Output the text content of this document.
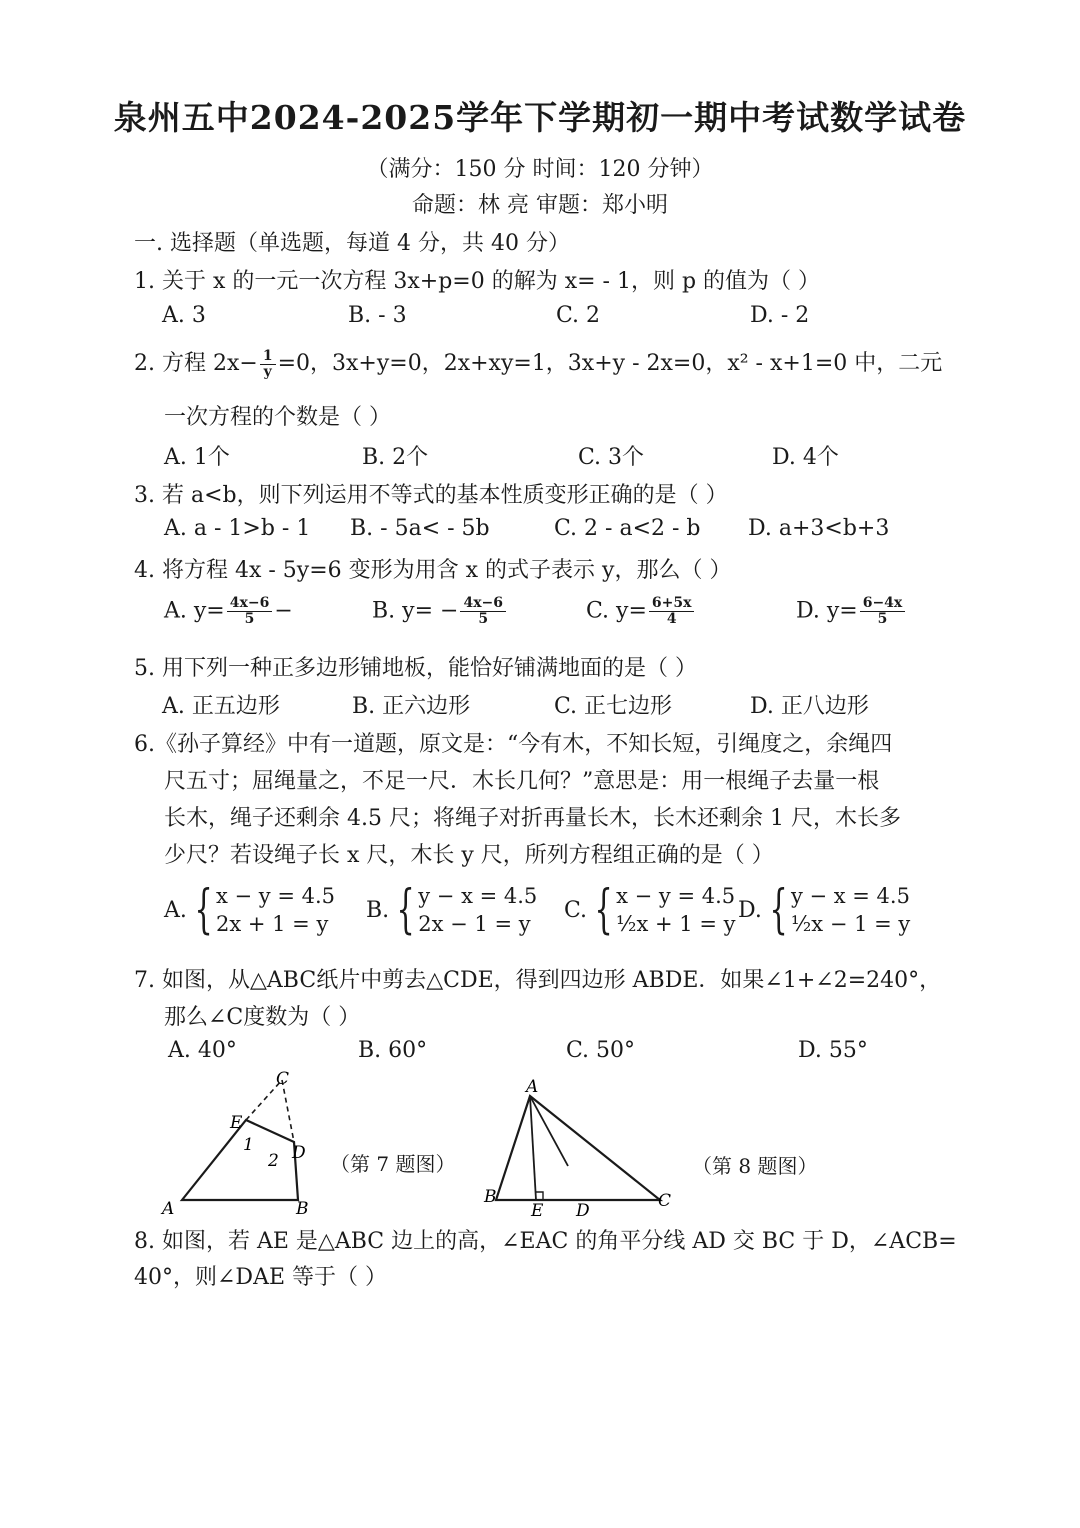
泉州五中2024-2025学年下学期初一期中考试数学试卷
（满分：150 分 时间：120 分钟）
命题：林 亮 审题：郑小明
一. 选择题（单选题，每道 4 分，共 40 分）
1. 关于 x 的一元一次方程 3x+p=0 的解为 x= - 1，则 p 的值为（ ）
A. 3	B. - 3	C. 2	D. - 2
2. 方程 $2x- \frac{1}{y} =0$，3x+y=0，2x+xy=1，3x+y - 2x=0，x² - x+1=0 中，二元
一次方程的个数是（ ）
A. 1个	B. 2个	C. 3个	D. 4个
3. 若 a<b，则下列运用不等式的基本性质变形正确的是（ ）
A. a - 1>b - 1 B. - 5a< - 5b	C. 2 - a<2 - b D. a+3<b+3
4. 将方程 4x - 5y=6 变形为用含 x 的式子表示 y，那么（ ）
A. $y= \frac{4x-6}{5}$ −	B. $y= - \frac{4x-6}{5}$	C. $y= \frac{6+5x}{4}$	D. $y= \frac{6-4x}{5}$
5. 用下列一种正多边形铺地板，能恰好铺满地面的是（ ）
A. 正五边形	B. 正六边形	C. 正七边形	D. 正八边形
6.《孙子算经》中有一道题，原文是：“今有木，不知长短，引绳度之，余绳四
尺五寸；屈绳量之，不足一尺．木长几何？”意思是：用一根绳子去量一根
长木，绳子还剩余 4.5 尺；将绳子对折再量长木，长木还剩余 1 尺，木长多
少尺？若设绳子长 x 尺，木长 y 尺，所列方程组正确的是（ ）
A. { x − y = 4.5
2x + 1 = y
B. { y − x = 4.5
2x − 1 = y
C. { x − y = 4.5
½x + 1 = y
D. { y − x = 4.5
½x − 1 = y
7. 如图，从△ABC纸片中剪去△CDE，得到四边形 ABDE．如果∠1+∠2=240°，
那么∠C度数为（ ）
A. 40°	B. 60°	C. 50°	D. 55°
C
E
1
2 D
A	B
（第 7 题图）
A
B
E D	C
（第 8 题图）
8. 如图，若 AE 是△ABC 边上的高，∠EAC 的角平分线 AD 交 BC 于 D，∠ACB=
40°，则∠DAE 等于（ ）
